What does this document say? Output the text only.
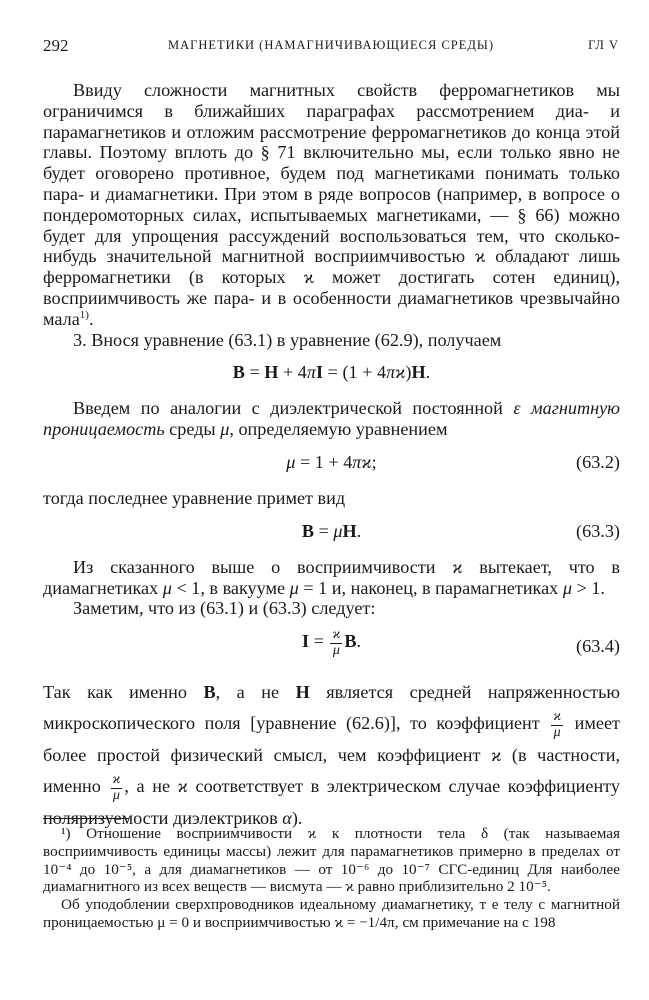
292	МАГНЕТИКИ (НАМАГНИЧИВАЮЩИЕСЯ СРЕДЫ)	ГЛ V

Ввиду сложности магнитных свойств ферромагнетиков мы ограничимся в ближайших параграфах рассмотрением диа- и парамагнетиков и отложим рассмотрение ферромагнетиков до конца этой главы. Поэтому вплоть до § 71 включительно мы, если только явно не будет оговорено противное, будем под магнетиками понимать только пара- и диамагнетики. При этом в ряде вопросов (например, в вопросе о пондеромоторных силах, испытываемых магнетиками, — § 66) можно будет для упрощения рассуждений воспользоваться тем, что сколько-нибудь значительной магнитной восприимчивостью ϰ обладают лишь ферромагнетики (в которых ϰ может достигать сотен единиц), восприимчивость же пара- и в особенности диамагнетиков чрезвычайно мала$^{1)}$.

3. Внося уравнение (63.1) в уравнение (62.9), получаем

B = H + 4πI = (1 + 4πϰ)H.

Введем по аналогии с диэлектрической постоянной ε магнитную проницаемость среды μ, определяемую уравнением

μ = 1 + 4πϰ;	(63.2)

тогда последнее уравнение примет вид

B = μH.	(63.3)

Из сказанного выше о восприимчивости ϰ вытекает, что в диамагнетиках μ < 1, в вакууме μ = 1 и, наконец, в парамагнетиках μ > 1.

Заметим, что из (63.1) и (63.3) следует:

$I = \frac{ϰ}{\mu} B$.	(63.4)

Так как именно B, а не H является средней напряженностью микроскопического поля [уравнение (62.6)], то коэффициент $\frac{ϰ}{\mu}$ имеет более простой физический смысл, чем коэффициент ϰ (в частности, именно $\frac{ϰ}{\mu}$ , а не ϰ соответствует в электрическом случае коэффициенту поляризуемости диэлектриков α).

¹) Отношение восприимчивости ϰ к плотности тела δ (так называемая восприимчивость единицы массы) лежит для парамагнетиков примерно в пределах от 10⁻⁴ до 10⁻⁵, а для диамагнетиков — от 10⁻⁶ до 10⁻⁷ СГС-единиц Для наиболее диамагнитного из всех веществ — висмута — ϰ равно приблизительно 2 10⁻⁵.

Об уподоблении сверхпроводников идеальному диамагнетику, т е телу с магнитной проницаемостью μ = 0 и восприимчивостью ϰ = −1/4π, см примечание на с 198
